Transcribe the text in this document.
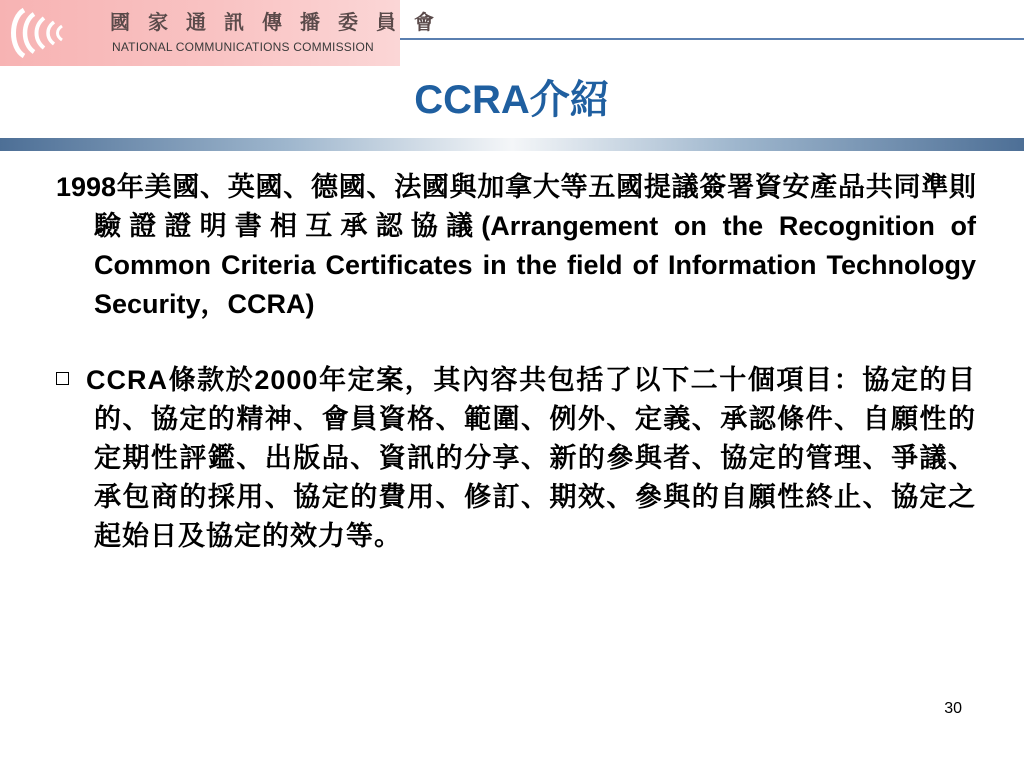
國家通訊傳播委員會
NATIONAL COMMUNICATIONS COMMISSION
CCRA介紹

1998年美國、英國、德國、法國與加拿大等五國提議簽署資安產品共同準則驗證證明書相互承認協議(Arrangement on the Recognition of Common Criteria Certificates in the field of Information Technology Security，CCRA)

CCRA條款於2000年定案，其內容共包括了以下二十個項目：協定的目的、協定的精神、會員資格、範圍、例外、定義、承認條件、自願性的定期性評鑑、出版品、資訊的分享、新的參與者、協定的管理、爭議、承包商的採用、協定的費用、修訂、期效、參與的自願性終止、協定之起始日及協定的效力等。

30
